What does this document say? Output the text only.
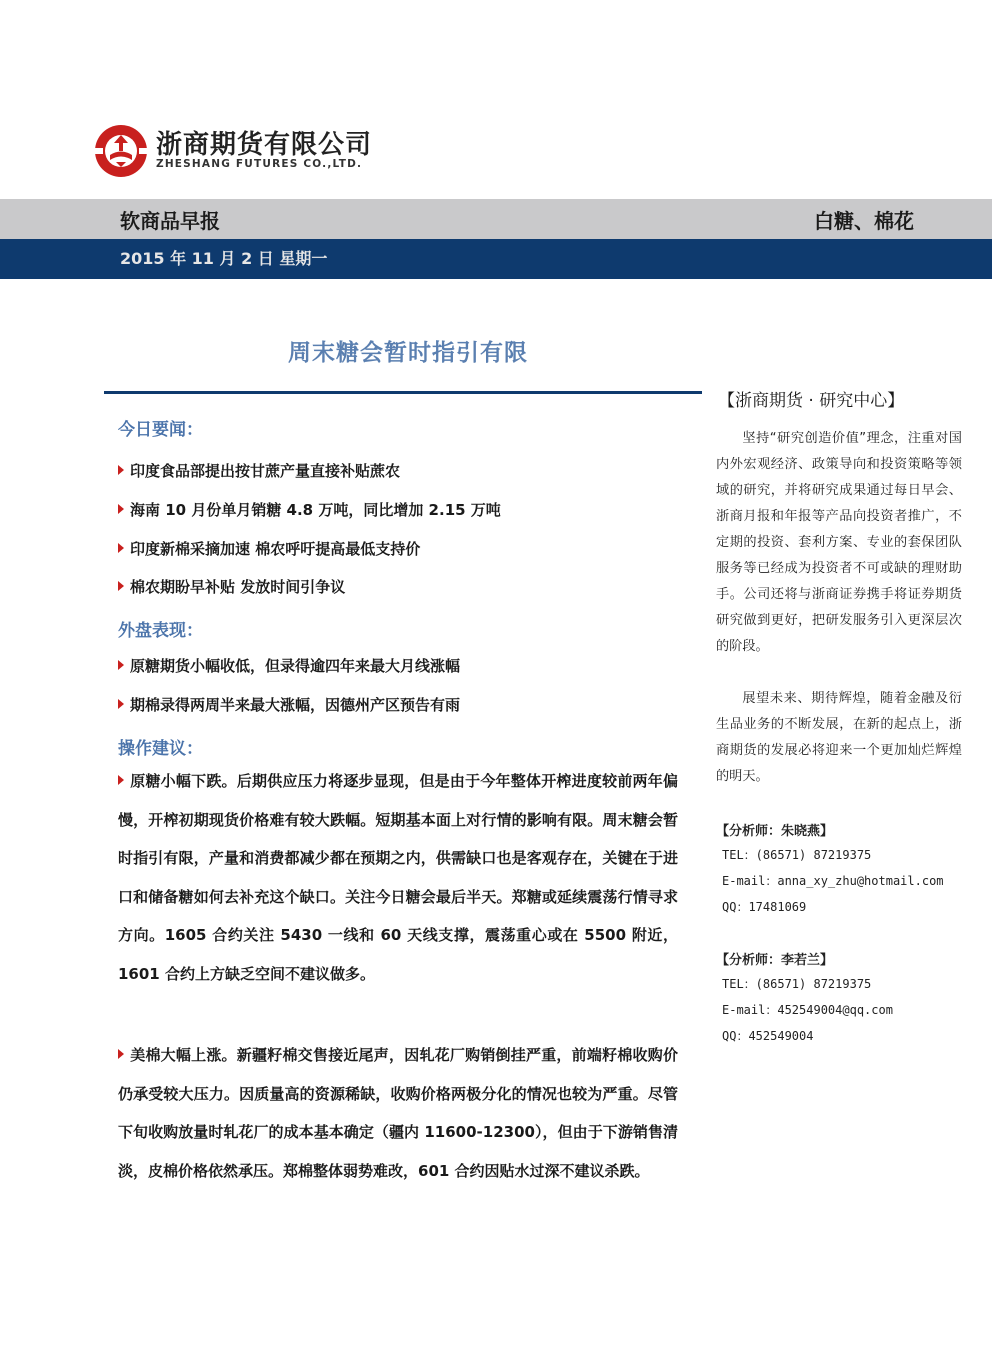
浙商期货有限公司
ZHESHANG FUTURES CO.,LTD.
软商品早报	白糖、棉花
2015 年 11 月 2 日 星期一
周末糖会暂时指引有限
今日要闻：
印度食品部提出按甘蔗产量直接补贴蔗农
海南 10 月份单月销糖 4.8 万吨，同比增加 2.15 万吨
印度新棉采摘加速 棉农呼吁提高最低支持价
棉农期盼早补贴 发放时间引争议
外盘表现：
原糖期货小幅收低，但录得逾四年来最大月线涨幅
期棉录得两周半来最大涨幅，因德州产区预告有雨
操作建议：

原糖小幅下跌。后期供应压力将逐步显现，但是由于今年整体开榨进度较前两年偏慢，开榨初期现货价格难有较大跌幅。短期基本面上对行情的影响有限。周末糖会暂时指引有限，产量和消费都减少都在预期之内，供需缺口也是客观存在，关键在于进口和储备糖如何去补充这个缺口。关注今日糖会最后半天。郑糖或延续震荡行情寻求方向。1605 合约关注 5430 一线和 60 天线支撑，震荡重心或在 5500 附近，1601 合约上方缺乏空间不建议做多。

美棉大幅上涨。新疆籽棉交售接近尾声，因轧花厂购销倒挂严重，前端籽棉收购价仍承受较大压力。因质量高的资源稀缺，收购价格两极分化的情况也较为严重。尽管下旬收购放量时轧花厂的成本基本确定（疆内 11600-12300），但由于下游销售清淡，皮棉价格依然承压。郑棉整体弱势难改，601 合约因贴水过深不建议杀跌。

【浙商期货 · 研究中心】

坚持“研究创造价值”理念，注重对国内外宏观经济、政策导向和投资策略等领域的研究，并将研究成果通过每日早会、浙商月报和年报等产品向投资者推广，不定期的投资、套利方案、专业的套保团队服务等已经成为投资者不可或缺的理财助手。公司还将与浙商证券携手将证券期货研究做到更好，把研发服务引入更深层次的阶段。

展望未来、期待辉煌，随着金融及衍生品业务的不断发展，在新的起点上，浙商期货的发展必将迎来一个更加灿烂辉煌的明天。

【分析师：朱晓燕】
TEL：(86571) 87219375
E-mail：anna_xy_zhu@hotmail.com
QQ：17481069
【分析师：李若兰】
TEL：(86571) 87219375
E-mail：452549004@qq.com
QQ：452549004
